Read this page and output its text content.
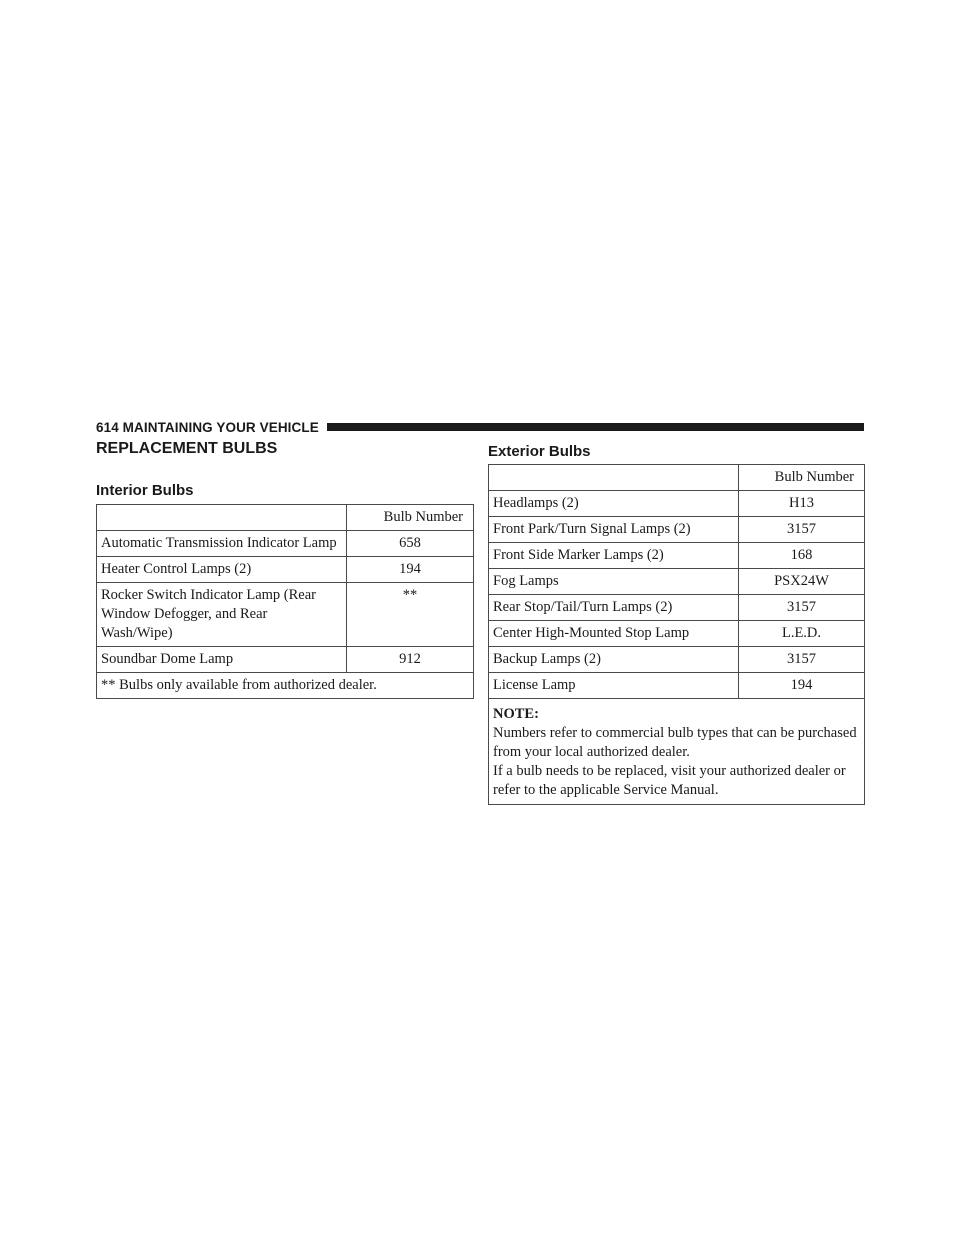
614 MAINTAINING YOUR VEHICLE
REPLACEMENT BULBS
Interior Bulbs
	Bulb Number
Automatic Transmission Indicator Lamp	658
Heater Control Lamps (2)	194
Rocker Switch Indicator Lamp (Rear Window Defogger, and Rear Wash/Wipe)	**
Soundbar Dome Lamp	912
** Bulbs only available from authorized dealer.	
Exterior Bulbs
	Bulb Number
Headlamps (2)	H13
Front Park/Turn Signal Lamps (2)	3157
Front Side Marker Lamps (2)	168
Fog Lamps	PSX24W
Rear Stop/Tail/Turn Lamps (2)	3157
Center High-Mounted Stop Lamp	L.E.D.
Backup Lamps (2)	3157
License Lamp	194

NOTE:
Numbers refer to commercial bulb types that can be purchased from your local authorized dealer.
If a bulb needs to be replaced, visit your authorized dealer or refer to the applicable Service Manual.	
